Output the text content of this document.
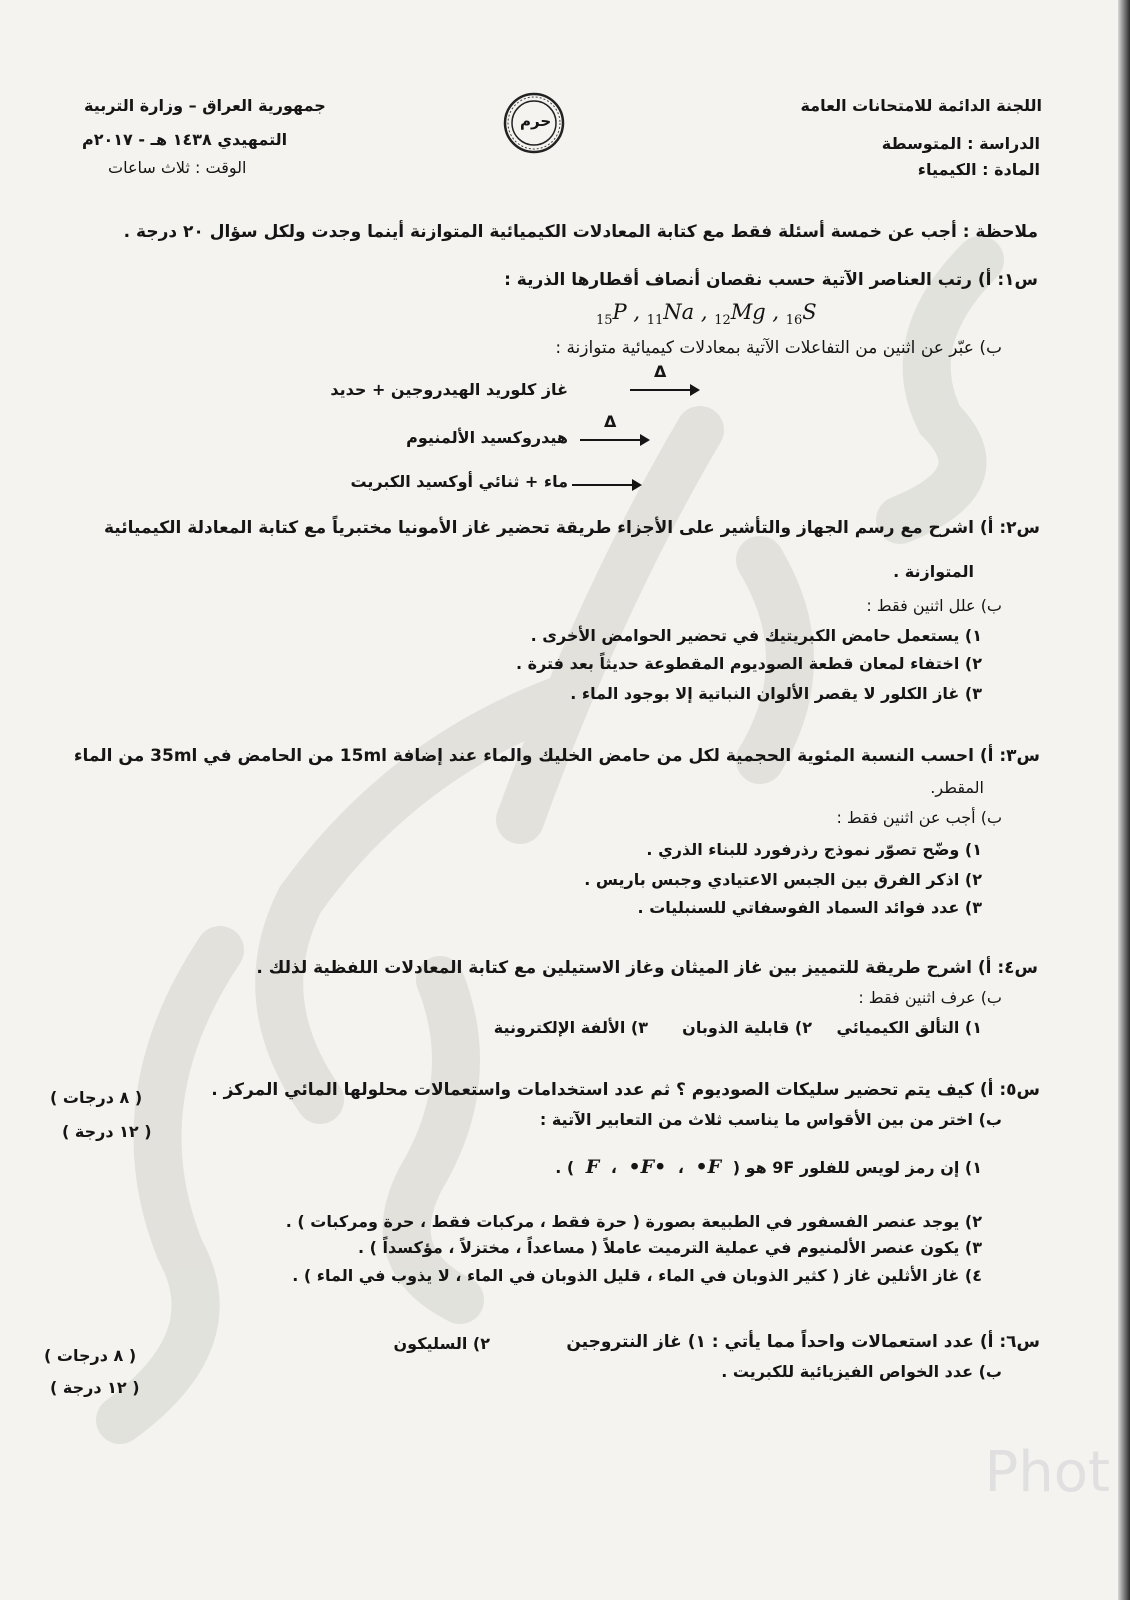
Phot
اللجنة الدائمة للامتحانات العامة
الدراسة : المتوسطة
المادة : الكيمياء
حرم
جمهورية العراق – وزارة التربية
التمهيدي ١٤٣٨ هـ - ٢٠١٧م
الوقت : ثلاث ساعات
ملاحظة : أجب عن خمسة أسئلة فقط مع كتابة المعادلات الكيميائية المتوازنة أينما وجدت ولكل سؤال ٢٠ درجة .
س١: أ) رتب العناصر الآتية حسب نقصان أنصاف أقطارها الذرية :
$_{15}$P , $_{11}$Na , $_{12}$Mg , $_{16}$S
ب) عبّر عن اثنين من التفاعلات الآتية بمعادلات كيميائية متوازنة :
Δ
غاز كلوريد الهيدروجين + حديد
Δ
هيدروكسيد الألمنيوم
ماء + ثنائي أوكسيد الكبريت
س٢: أ) اشرح مع رسم الجهاز والتأشير على الأجزاء طريقة تحضير غاز الأمونيا مختبرياً مع كتابة المعادلة الكيميائية
المتوازنة .
ب) علل اثنين فقط :
١) يستعمل حامض الكبريتيك في تحضير الحوامض الأخرى .
٢) اختفاء لمعان قطعة الصوديوم المقطوعة حديثاً بعد فترة .
٣) غاز الكلور لا يقصر الألوان النباتية إلا بوجود الماء .
س٣: أ) احسب النسبة المئوية الحجمية لكل من حامض الخليك والماء عند إضافة 15ml من الحامض في 35ml من الماء
المقطر.
ب) أجب عن اثنين فقط :
١) وضّح تصوّر نموذج رذرفورد للبناء الذري .
٢) اذكر الفرق بين الجبس الاعتيادي وجبس باريس .
٣) عدد فوائد السماد الفوسفاتي للسنبليات .
س٤: أ) اشرح طريقة للتمييز بين غاز الميثان وغاز الاستيلين مع كتابة المعادلات اللفظية لذلك .
ب) عرف اثنين فقط :
١) التألق الكيميائي
٢) قابلية الذوبان
٣) الألفة الإلكترونية
س٥: أ) كيف يتم تحضير سليكات الصوديوم ؟ ثم عدد استخدامات واستعمالات محلولها المائي المركز .
( ٨ درجات )
ب) اختر من بين الأقواس ما يناسب ثلاث من التعابير الآتية :
( ١٢ درجة )
١) إن رمز لويس للفلور 9F هو ( F ، •F• ، •F ) .
٢) يوجد عنصر الفسفور في الطبيعة بصورة ( حرة فقط ، مركبات فقط ، حرة ومركبات ) .
٣) يكون عنصر الألمنيوم في عملية الترميت عاملاً ( مساعداً ، مختزلاً ، مؤكسداً ) .
٤) غاز الأثلين غاز ( كثير الذوبان في الماء ، قليل الذوبان في الماء ، لا يذوب في الماء ) .
س٦: أ) عدد استعمالات واحداً مما يأتي : ١) غاز النتروجين
٢) السليكون
ب) عدد الخواص الفيزيائية للكبريت .
( ٨ درجات )
( ١٢ درجة )
